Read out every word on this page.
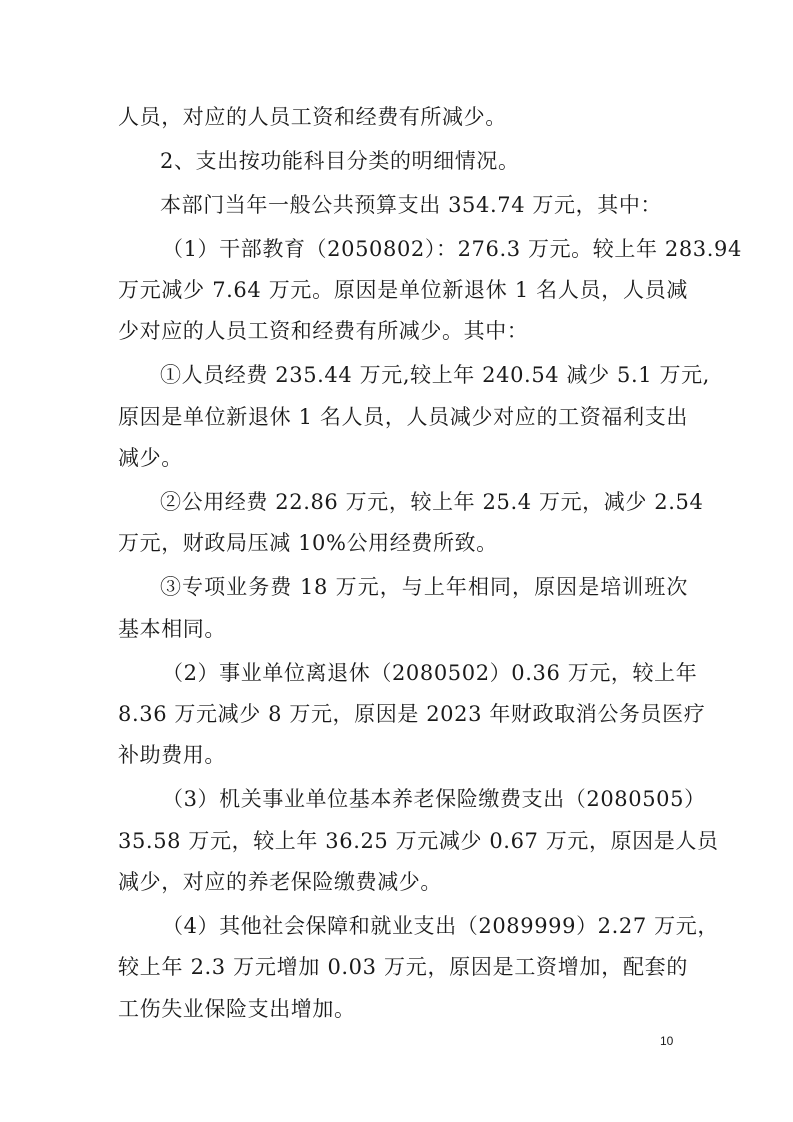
人员，对应的人员工资和经费有所减少。
2、支出按功能科目分类的明细情况。
本部门当年一般公共预算支出 354.74 万元，其中：
（1）干部教育（2050802）：276.3 万元。较上年 283.94
万元减少 7.64 万元。原因是单位新退休 1 名人员，人员减
少对应的人员工资和经费有所减少。其中：
①人员经费 235.44 万元,较上年 240.54 减少 5.1 万元,
原因是单位新退休 1 名人员，人员减少对应的工资福利支出
减少。
②公用经费 22.86 万元，较上年 25.4 万元，减少 2.54
万元，财政局压减 10%公用经费所致。
③专项业务费 18 万元，与上年相同，原因是培训班次
基本相同。
（2）事业单位离退休（2080502）0.36 万元，较上年
8.36 万元减少 8 万元，原因是 2023 年财政取消公务员医疗
补助费用。
（3）机关事业单位基本养老保险缴费支出（2080505）
35.58 万元，较上年 36.25 万元减少 0.67 万元，原因是人员
减少，对应的养老保险缴费减少。
（4）其他社会保障和就业支出（2089999）2.27 万元，
较上年 2.3 万元增加 0.03 万元，原因是工资增加，配套的
工伤失业保险支出增加。
10
